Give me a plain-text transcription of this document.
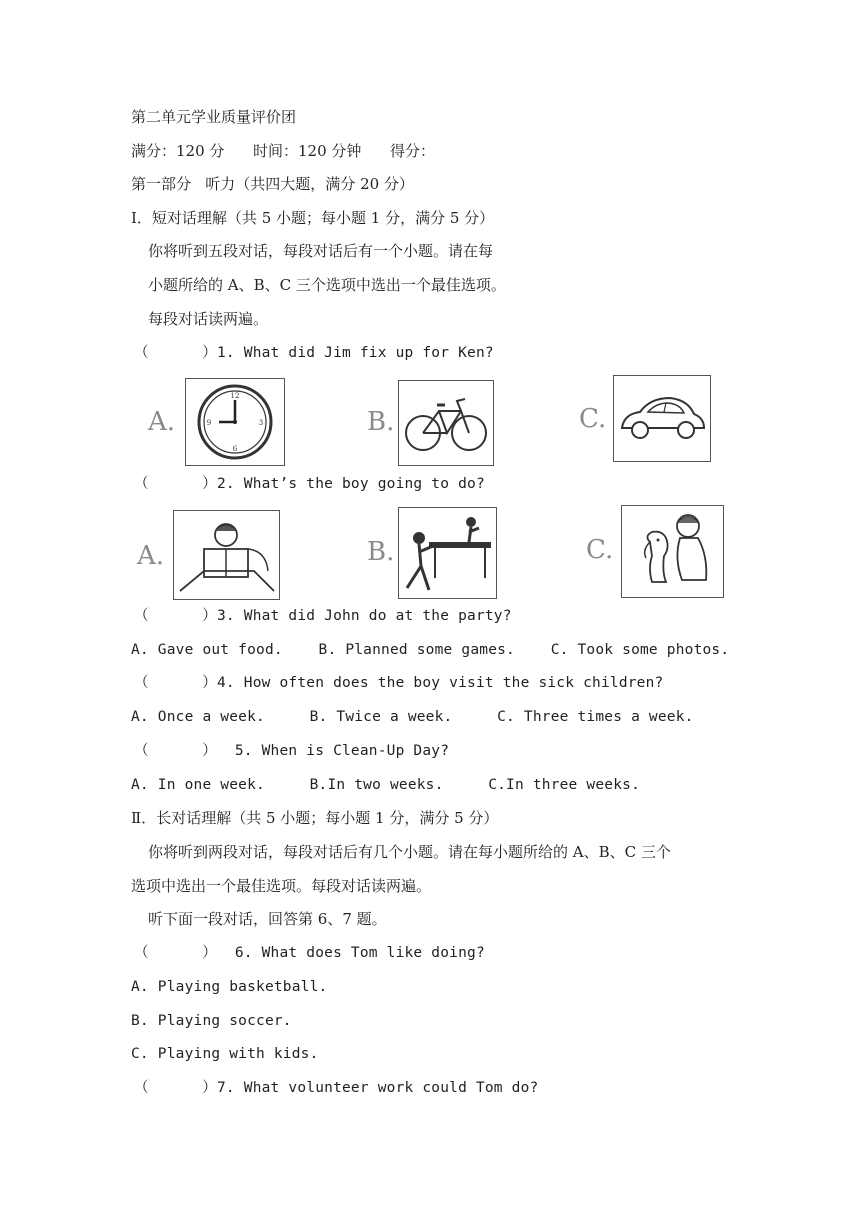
第二单元学业质量评价团
满分：120 分      时间：120 分钟      得分：
第一部分   听力（共四大题，满分 20 分）
I．短对话理解（共 5 小题；每小题 1 分，满分 5 分）
你将听到五段对话，每段对话后有一个小题。请在每
小题所给的 A、B、C 三个选项中选出一个最佳选项。
每段对话读两遍。
（      ）1. What did Jim fix up for Ken?
A.
12
3
6
9	B.	C.
（      ）2. What’s the boy going to do?
A.	B.	C.
（      ）3. What did John do at the party?
A. Gave out food.    B. Planned some games.    C. Took some photos.
（      ）4. How often does the boy visit the sick children?
A. Once a week.     B. Twice a week.     C. Three times a week.
（      ）  5. When is Clean-Up Day?
A. In one week.     B.In two weeks.     C.In three weeks.
Ⅱ．长对话理解（共 5 小题；每小题 1 分，满分 5 分）
你将听到两段对话，每段对话后有几个小题。请在每小题所给的 A、B、C 三个
选项中选出一个最佳选项。每段对话读两遍。
听下面一段对话，回答第 6、7 题。
（      ）  6. What does Tom like doing?
A. Playing basketball.
B. Playing soccer.
C. Playing with kids.
（      ）7. What volunteer work could Tom do?
